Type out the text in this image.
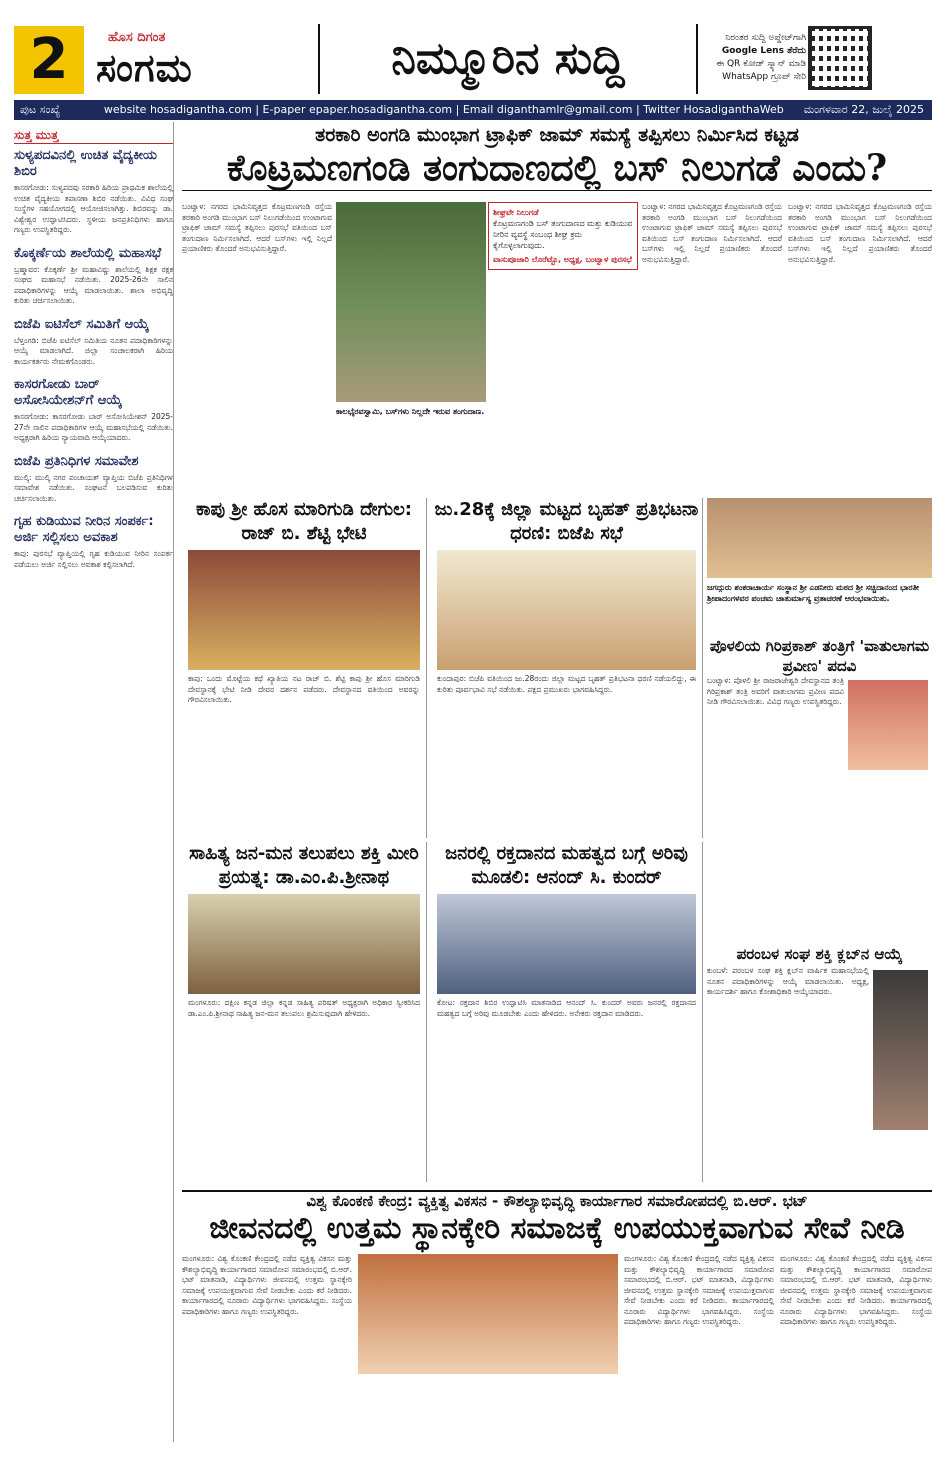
2	ಹೊಸ ದಿಗಂತ
ಸಂಗಮ	ನಿಮ್ಮೂರಿನ ಸುದ್ದಿ	ನಿರಂತರ ಸುದ್ದಿ ಅಪ್ಡೇಟ್‌ಗಾಗಿ
Google Lens ತೆರೆದು
ಈ QR ಕೋಡ್ ಸ್ಕ್ಯಾನ್ ಮಾಡಿ
WhatsApp ಗ್ರೂಪ್ ಸೇರಿ
ಪುಟ ಸಂಖ್ಯೆ	website hosadigantha.com | E-paper epaper.hosadigantha.com | Email diganthamlr@gmail.com | Twitter HosadiganthaWeb ಮಂಗಳವಾರ 22, ಜುಲೈ 2025
ಸುತ್ತ ಮುತ್ತ
ಸುಳ್ಯಪದವಿನಲ್ಲಿ ಉಚಿತ ವೈದ್ಯಕೀಯ ಶಿಬಿರ

ಕಾಸರಗೋಡು: ಸುಳ್ಯಪದವು ಸರಕಾರಿ ಹಿರಿಯ ಪ್ರಾಥಮಿಕ ಶಾಲೆಯಲ್ಲಿ ಉಚಿತ ವೈದ್ಯಕೀಯ ತಪಾಸಣಾ ಶಿಬಿರ ನಡೆಯಿತು. ವಿವಿಧ ಸಂಘ ಸಂಸ್ಥೆಗಳ ಸಹಯೋಗದಲ್ಲಿ ಆಯೋಜಿಸಲಾಗಿತ್ತು. ಶಿಬಿರವನ್ನು ಡಾ. ವಿಶ್ವೇಶ್ವರ ಉದ್ಘಾಟಿಸಿದರು. ಸ್ಥಳೀಯ ಜನಪ್ರತಿನಿಧಿಗಳು ಹಾಗೂ ಗಣ್ಯರು ಉಪಸ್ಥಿತರಿದ್ದರು.

ಕೊಕ್ಕರ್ಣೆಯ ಶಾಲೆಯಲ್ಲಿ ಮಹಾಸಭೆ

ಬ್ರಹ್ಮಾವರ: ಕೊಕ್ಕರ್ಣೆ ಶ್ರೀ ಮಹಾವಿಷ್ಣು ಶಾಲೆಯಲ್ಲಿ ಶಿಕ್ಷಕ ರಕ್ಷಕ ಸಂಘದ ಮಹಾಸಭೆ ನಡೆಯಿತು. 2025-26ನೇ ಸಾಲಿನ ಪದಾಧಿಕಾರಿಗಳನ್ನು ಆಯ್ಕೆ ಮಾಡಲಾಯಿತು. ಶಾಲಾ ಅಭಿವೃದ್ಧಿ ಕುರಿತು ಚರ್ಚಿಸಲಾಯಿತು.

ಬಿಜೆಪಿ ಐಟಿಸೆಲ್ ಸಮಿತಿಗೆ ಆಯ್ಕೆ

ಬೆಳ್ತಂಗಡಿ: ಬಿಜೆಪಿ ಐಟಿಸೆಲ್ ಸಮಿತಿಯ ನೂತನ ಪದಾಧಿಕಾರಿಗಳನ್ನು ಆಯ್ಕೆ ಮಾಡಲಾಗಿದೆ. ಜಿಲ್ಲಾ ಸಂಚಾಲಕರಾಗಿ ಹಿರಿಯ ಕಾರ್ಯಕರ್ತರು ನೇಮಕಗೊಂಡರು.

ಕಾಸರಗೋಡು ಬಾರ್ ಅಸೋಸಿಯೇಶನ್‌ಗೆ ಆಯ್ಕೆ

ಕಾಸರಗೋಡು: ಕಾಸರಗೋಡು ಬಾರ್ ಅಸೋಸಿಯೇಶನ್ 2025-27ನೇ ಸಾಲಿನ ಪದಾಧಿಕಾರಿಗಳ ಆಯ್ಕೆ ಮಹಾಸಭೆಯಲ್ಲಿ ನಡೆಯಿತು. ಅಧ್ಯಕ್ಷರಾಗಿ ಹಿರಿಯ ನ್ಯಾಯವಾದಿ ಆಯ್ಕೆಯಾದರು.

ಬಿಜೆಪಿ ಪ್ರತಿನಿಧಿಗಳ ಸಮಾವೇಶ

ಮುಲ್ಕಿ: ಮುಲ್ಕಿ ನಗರ ಪಂಚಾಯತ್ ವ್ಯಾಪ್ತಿಯ ಬಿಜೆಪಿ ಪ್ರತಿನಿಧಿಗಳ ಸಮಾವೇಶ ನಡೆಯಿತು. ಸಂಘಟನೆ ಬಲಪಡಿಸುವ ಕುರಿತು ಚರ್ಚಿಸಲಾಯಿತು.

ಗೃಹ ಕುಡಿಯುವ ನೀರಿನ ಸಂಪರ್ಕ: ಅರ್ಜಿ ಸಲ್ಲಿಸಲು ಅವಕಾಶ

ಕಾಪು: ಪುರಸಭೆ ವ್ಯಾಪ್ತಿಯಲ್ಲಿ ಗೃಹ ಕುಡಿಯುವ ನೀರಿನ ಸಂಪರ್ಕ ಪಡೆಯಲು ಅರ್ಜಿ ಸಲ್ಲಿಸಲು ಅವಕಾಶ ಕಲ್ಪಿಸಲಾಗಿದೆ.

ತರಕಾರಿ ಅಂಗಡಿ ಮುಂಭಾಗ ಟ್ರಾಫಿಕ್ ಜಾಮ್ ಸಮಸ್ಯೆ ತಪ್ಪಿಸಲು ನಿರ್ಮಿಸಿದ ಕಟ್ಟಡ
ಕೊಟ್ರಮಣಗಂಡಿ ತಂಗುದಾಣದಲ್ಲಿ ಬಸ್ ನಿಲುಗಡೆ ಎಂದು?
ಬಂಟ್ವಾಳ: ನಗರದ ಭಾಮಿನಿವೃತ್ತದ ಕೊಟ್ರಮಣಗಂಡಿ ರಸ್ತೆಯ ತರಕಾರಿ ಅಂಗಡಿ ಮುಂಭಾಗ ಬಸ್ ನಿಲುಗಡೆಯಿಂದ ಉಂಟಾಗುವ ಟ್ರಾಫಿಕ್ ಜಾಮ್ ಸಮಸ್ಯೆ ತಪ್ಪಿಸಲು ಪುರಸಭೆ ವತಿಯಿಂದ ಬಸ್ ತಂಗುದಾಣ ನಿರ್ಮಿಸಲಾಗಿದೆ. ಆದರೆ ಬಸ್‌ಗಳು ಇಲ್ಲಿ ನಿಲ್ಲದೆ ಪ್ರಯಾಣಿಕರು ತೊಂದರೆ ಅನುಭವಿಸುತ್ತಿದ್ದಾರೆ.
ಕಾಲಭೈರವಸ್ವಾಮಿ, ಬಸ್‌ಗಳು ನಿಲ್ಲದೇ ಇರುವ ತಂಗುದಾಣ.
ಶೀಘ್ರವೇ ನಿಲುಗಡೆ
ಕೊಟ್ರಮಣಗಂಡಿ ಬಸ್ ತಂಗುದಾಣದ ಮತ್ತು ಕುಡಿಯುವ ನೀರಿನ ವ್ಯವಸ್ಥೆ ಸಂಬಂಧ ಶೀಘ್ರ ಕ್ರಮ ಕೈಗೊಳ್ಳಲಾಗುವುದು.
ವಾಸುಪೂಜಾರಿ ಲೊರೆಟ್ಟೊ, ಅಧ್ಯಕ್ಷ, ಬಂಟ್ವಾಳ ಪುರಸಭೆ
ಬಂಟ್ವಾಳ: ನಗರದ ಭಾಮಿನಿವೃತ್ತದ ಕೊಟ್ರಮಣಗಂಡಿ ರಸ್ತೆಯ ತರಕಾರಿ ಅಂಗಡಿ ಮುಂಭಾಗ ಬಸ್ ನಿಲುಗಡೆಯಿಂದ ಉಂಟಾಗುವ ಟ್ರಾಫಿಕ್ ಜಾಮ್ ಸಮಸ್ಯೆ ತಪ್ಪಿಸಲು ಪುರಸಭೆ ವತಿಯಿಂದ ಬಸ್ ತಂಗುದಾಣ ನಿರ್ಮಿಸಲಾಗಿದೆ. ಆದರೆ ಬಸ್‌ಗಳು ಇಲ್ಲಿ ನಿಲ್ಲದೆ ಪ್ರಯಾಣಿಕರು ತೊಂದರೆ ಅನುಭವಿಸುತ್ತಿದ್ದಾರೆ.
ಬಂಟ್ವಾಳ: ನಗರದ ಭಾಮಿನಿವೃತ್ತದ ಕೊಟ್ರಮಣಗಂಡಿ ರಸ್ತೆಯ ತರಕಾರಿ ಅಂಗಡಿ ಮುಂಭಾಗ ಬಸ್ ನಿಲುಗಡೆಯಿಂದ ಉಂಟಾಗುವ ಟ್ರಾಫಿಕ್ ಜಾಮ್ ಸಮಸ್ಯೆ ತಪ್ಪಿಸಲು ಪುರಸಭೆ ವತಿಯಿಂದ ಬಸ್ ತಂಗುದಾಣ ನಿರ್ಮಿಸಲಾಗಿದೆ. ಆದರೆ ಬಸ್‌ಗಳು ಇಲ್ಲಿ ನಿಲ್ಲದೆ ಪ್ರಯಾಣಿಕರು ತೊಂದರೆ ಅನುಭವಿಸುತ್ತಿದ್ದಾರೆ.
ಕಾಪು ಶ್ರೀ ಹೊಸ ಮಾರಿಗುಡಿ ದೇಗುಲ: ರಾಜ್ ಬಿ. ಶೆಟ್ಟಿ ಭೇಟಿ
ಕಾಪು: ಒಂದು ಮೊಟ್ಟೆಯ ಕಥೆ ಖ್ಯಾತಿಯ ನಟ ರಾಜ್ ಬಿ. ಶೆಟ್ಟಿ ಕಾಪು ಶ್ರೀ ಹೊಸ ಮಾರಿಗುಡಿ ದೇವಸ್ಥಾನಕ್ಕೆ ಭೇಟಿ ನೀಡಿ ದೇವರ ದರ್ಶನ ಪಡೆದರು. ದೇವಸ್ಥಾನದ ವತಿಯಿಂದ ಅವರನ್ನು ಗೌರವಿಸಲಾಯಿತು.
ಜು.28ಕ್ಕೆ ಜಿಲ್ಲಾ ಮಟ್ಟದ ಬೃಹತ್ ಪ್ರತಿಭಟನಾ ಧರಣಿ: ಬಿಜೆಪಿ ಸಭೆ
ಕುಂದಾಪುರ: ಬಿಜೆಪಿ ವತಿಯಿಂದ ಜು.28ರಂದು ಜಿಲ್ಲಾ ಮಟ್ಟದ ಬೃಹತ್ ಪ್ರತಿಭಟನಾ ಧರಣಿ ನಡೆಯಲಿದ್ದು, ಈ ಕುರಿತು ಪೂರ್ವಭಾವಿ ಸಭೆ ನಡೆಯಿತು. ಪಕ್ಷದ ಪ್ರಮುಖರು ಭಾಗವಹಿಸಿದ್ದರು.
ಜಗದ್ಗುರು ಶಂಕರಾಚಾರ್ಯ ಸಂಸ್ಥಾನ ಶ್ರೀ ಎಡನೀರು ಮಠದ ಶ್ರೀ ಸಚ್ಚಿದಾನಂದ ಭಾರತೀ ಶ್ರೀಪಾದಂಗಳವರ ಪಂಚಮ ಚಾತುರ್ಮಾಸ್ಯ ವ್ರತಾಚರಣೆ ಆರಂಭವಾಯಿತು.
ಪೊಳಲಿಯ ಗಿರಿಪ್ರಕಾಶ್ ತಂತ್ರಿಗೆ 'ವಾತುಲಾಗಮ ಪ್ರವೀಣ' ಪದವಿ
ಬಂಟ್ವಾಳ: ಪೊಳಲಿ ಶ್ರೀ ರಾಜರಾಜೇಶ್ವರಿ ದೇವಸ್ಥಾನದ ತಂತ್ರಿ ಗಿರಿಪ್ರಕಾಶ್ ತಂತ್ರಿ ಅವರಿಗೆ ವಾತುಲಾಗಮ ಪ್ರವೀಣ ಪದವಿ ನೀಡಿ ಗೌರವಿಸಲಾಯಿತು. ವಿವಿಧ ಗಣ್ಯರು ಉಪಸ್ಥಿತರಿದ್ದರು.
ಸಾಹಿತ್ಯ ಜನ-ಮನ ತಲುಪಲು ಶಕ್ತಿ ಮೀರಿ ಪ್ರಯತ್ನ: ಡಾ.ಎಂ.ಪಿ.ಶ್ರೀನಾಥ
ಮಂಗಳೂರು: ದಕ್ಷಿಣ ಕನ್ನಡ ಜಿಲ್ಲಾ ಕನ್ನಡ ಸಾಹಿತ್ಯ ಪರಿಷತ್ ಅಧ್ಯಕ್ಷರಾಗಿ ಅಧಿಕಾರ ಸ್ವೀಕರಿಸಿದ ಡಾ.ಎಂ.ಪಿ.ಶ್ರೀನಾಥ ಸಾಹಿತ್ಯ ಜನ-ಮನ ತಲುಪಲು ಶ್ರಮಿಸುವುದಾಗಿ ಹೇಳಿದರು.
ಜನರಲ್ಲಿ ರಕ್ತದಾನದ ಮಹತ್ವದ ಬಗ್ಗೆ ಅರಿವು ಮೂಡಲಿ: ಆನಂದ್ ಸಿ. ಕುಂದರ್
ಕೋಟ: ರಕ್ತದಾನ ಶಿಬಿರ ಉದ್ಘಾಟಿಸಿ ಮಾತನಾಡಿದ ಆನಂದ್ ಸಿ. ಕುಂದರ್ ಅವರು ಜನರಲ್ಲಿ ರಕ್ತದಾನದ ಮಹತ್ವದ ಬಗ್ಗೆ ಅರಿವು ಮೂಡಬೇಕು ಎಂದು ಹೇಳಿದರು. ಅನೇಕರು ರಕ್ತದಾನ ಮಾಡಿದರು.
ಪರಂಬಳ ಸಂಘ ಶಕ್ತಿ ಕ್ಲಬ್‌ನ ಆಯ್ಕೆ
ಕುಂಬಳೆ: ಪರಂಬಳ ಸಂಘ ಶಕ್ತಿ ಕ್ಲಬ್‌ನ ವಾರ್ಷಿಕ ಮಹಾಸಭೆಯಲ್ಲಿ ನೂತನ ಪದಾಧಿಕಾರಿಗಳನ್ನು ಆಯ್ಕೆ ಮಾಡಲಾಯಿತು. ಅಧ್ಯಕ್ಷ, ಕಾರ್ಯದರ್ಶಿ ಹಾಗೂ ಕೋಶಾಧಿಕಾರಿ ಆಯ್ಕೆಯಾದರು.
ವಿಶ್ವ ಕೊಂಕಣಿ ಕೇಂದ್ರ: ವ್ಯಕ್ತಿತ್ವ ವಿಕಸನ - ಕೌಶಲ್ಯಾಭಿವೃದ್ಧಿ ಕಾರ್ಯಾಗಾರ ಸಮಾರೋಪದಲ್ಲಿ ಬಿ.ಆರ್. ಭಟ್
ಜೀವನದಲ್ಲಿ ಉತ್ತಮ ಸ್ಥಾನಕ್ಕೇರಿ ಸಮಾಜಕ್ಕೆ ಉಪಯುಕ್ತವಾಗುವ ಸೇವೆ ನೀಡಿ
ಮಂಗಳೂರು: ವಿಶ್ವ ಕೊಂಕಣಿ ಕೇಂದ್ರದಲ್ಲಿ ನಡೆದ ವ್ಯಕ್ತಿತ್ವ ವಿಕಸನ ಮತ್ತು ಕೌಶಲ್ಯಾಭಿವೃದ್ಧಿ ಕಾರ್ಯಾಗಾರದ ಸಮಾರೋಪ ಸಮಾರಂಭದಲ್ಲಿ ಬಿ.ಆರ್. ಭಟ್ ಮಾತನಾಡಿ, ವಿದ್ಯಾರ್ಥಿಗಳು ಜೀವನದಲ್ಲಿ ಉತ್ತಮ ಸ್ಥಾನಕ್ಕೇರಿ ಸಮಾಜಕ್ಕೆ ಉಪಯುಕ್ತವಾಗುವ ಸೇವೆ ನೀಡಬೇಕು ಎಂದು ಕರೆ ನೀಡಿದರು. ಕಾರ್ಯಾಗಾರದಲ್ಲಿ ನೂರಾರು ವಿದ್ಯಾರ್ಥಿಗಳು ಭಾಗವಹಿಸಿದ್ದರು. ಸಂಸ್ಥೆಯ ಪದಾಧಿಕಾರಿಗಳು ಹಾಗೂ ಗಣ್ಯರು ಉಪಸ್ಥಿತರಿದ್ದರು.
ಮಂಗಳೂರು: ವಿಶ್ವ ಕೊಂಕಣಿ ಕೇಂದ್ರದಲ್ಲಿ ನಡೆದ ವ್ಯಕ್ತಿತ್ವ ವಿಕಸನ ಮತ್ತು ಕೌಶಲ್ಯಾಭಿವೃದ್ಧಿ ಕಾರ್ಯಾಗಾರದ ಸಮಾರೋಪ ಸಮಾರಂಭದಲ್ಲಿ ಬಿ.ಆರ್. ಭಟ್ ಮಾತನಾಡಿ, ವಿದ್ಯಾರ್ಥಿಗಳು ಜೀವನದಲ್ಲಿ ಉತ್ತಮ ಸ್ಥಾನಕ್ಕೇರಿ ಸಮಾಜಕ್ಕೆ ಉಪಯುಕ್ತವಾಗುವ ಸೇವೆ ನೀಡಬೇಕು ಎಂದು ಕರೆ ನೀಡಿದರು. ಕಾರ್ಯಾಗಾರದಲ್ಲಿ ನೂರಾರು ವಿದ್ಯಾರ್ಥಿಗಳು ಭಾಗವಹಿಸಿದ್ದರು. ಸಂಸ್ಥೆಯ ಪದಾಧಿಕಾರಿಗಳು ಹಾಗೂ ಗಣ್ಯರು ಉಪಸ್ಥಿತರಿದ್ದರು.
ಮಂಗಳೂರು: ವಿಶ್ವ ಕೊಂಕಣಿ ಕೇಂದ್ರದಲ್ಲಿ ನಡೆದ ವ್ಯಕ್ತಿತ್ವ ವಿಕಸನ ಮತ್ತು ಕೌಶಲ್ಯಾಭಿವೃದ್ಧಿ ಕಾರ್ಯಾಗಾರದ ಸಮಾರೋಪ ಸಮಾರಂಭದಲ್ಲಿ ಬಿ.ಆರ್. ಭಟ್ ಮಾತನಾಡಿ, ವಿದ್ಯಾರ್ಥಿಗಳು ಜೀವನದಲ್ಲಿ ಉತ್ತಮ ಸ್ಥಾನಕ್ಕೇರಿ ಸಮಾಜಕ್ಕೆ ಉಪಯುಕ್ತವಾಗುವ ಸೇವೆ ನೀಡಬೇಕು ಎಂದು ಕರೆ ನೀಡಿದರು. ಕಾರ್ಯಾಗಾರದಲ್ಲಿ ನೂರಾರು ವಿದ್ಯಾರ್ಥಿಗಳು ಭಾಗವಹಿಸಿದ್ದರು. ಸಂಸ್ಥೆಯ ಪದಾಧಿಕಾರಿಗಳು ಹಾಗೂ ಗಣ್ಯರು ಉಪಸ್ಥಿತರಿದ್ದರು.
